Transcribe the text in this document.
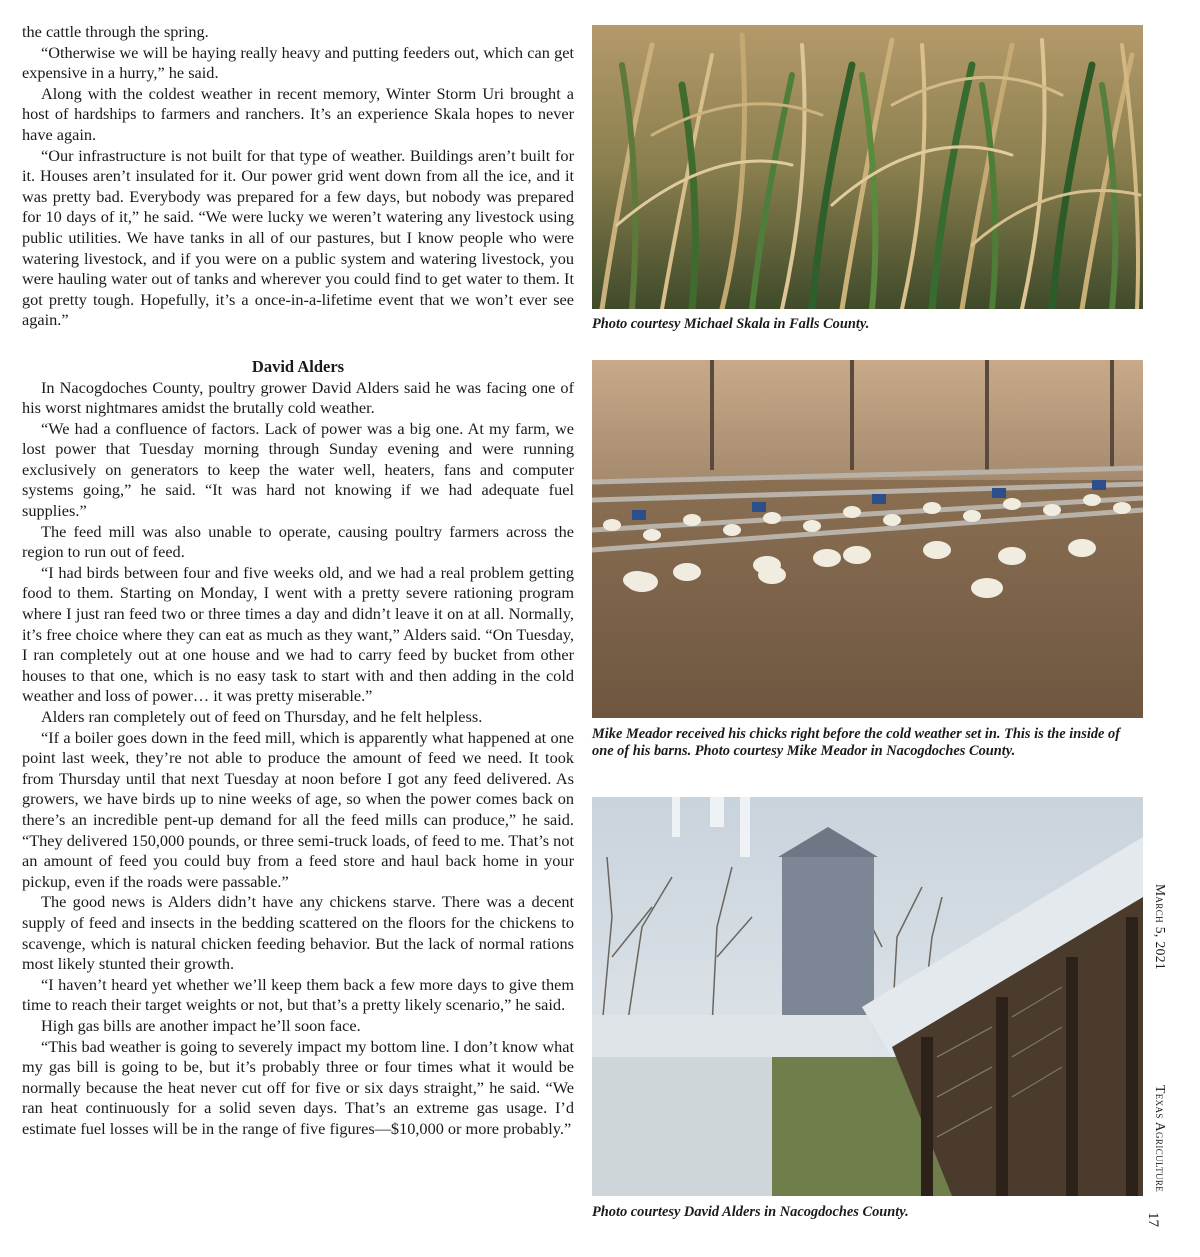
the cattle through the spring.

“Otherwise we will be haying really heavy and putting feeders out, which can get expensive in a hurry,” he said.

Along with the coldest weather in recent memory, Winter Storm Uri brought a host of hardships to farmers and ranchers. It’s an experience Skala hopes to never have again.

“Our infrastructure is not built for that type of weather. Buildings aren’t built for it. Houses aren’t insulated for it. Our power grid went down from all the ice, and it was pretty bad. Everybody was prepared for a few days, but nobody was prepared for 10 days of it,” he said. “We were lucky we weren’t watering any livestock using public utilities. We have tanks in all of our pastures, but I know people who were watering livestock, and if you were on a public system and watering livestock, you were hauling water out of tanks and wherever you could find to get water to them. It got pretty tough. Hopefully, it’s a once-in-a-lifetime event that we won’t ever see again.”

David Alders

In Nacogdoches County, poultry grower David Alders said he was facing one of his worst nightmares amidst the brutally cold weather.

“We had a confluence of factors. Lack of power was a big one. At my farm, we lost power that Tuesday morning through Sunday evening and were running exclusively on generators to keep the water well, heaters, fans and computer systems going,” he said. “It was hard not knowing if we had adequate fuel supplies.”

The feed mill was also unable to operate, causing poultry farmers across the region to run out of feed.

“I had birds between four and five weeks old, and we had a real problem getting food to them. Starting on Monday, I went with a pretty severe rationing program where I just ran feed two or three times a day and didn’t leave it on at all. Normally, it’s free choice where they can eat as much as they want,” Alders said. “On Tuesday, I ran completely out at one house and we had to carry feed by bucket from other houses to that one, which is no easy task to start with and then adding in the cold weather and loss of power… it was pretty miserable.”

Alders ran completely out of feed on Thursday, and he felt helpless.

“If a boiler goes down in the feed mill, which is apparently what happened at one point last week, they’re not able to produce the amount of feed we need. It took from Thursday until that next Tuesday at noon before I got any feed delivered. As growers, we have birds up to nine weeks of age, so when the power comes back on there’s an incredible pent-up demand for all the feed mills can produce,” he said. “They delivered 150,000 pounds, or three semi-truck loads, of feed to me. That’s not an amount of feed you could buy from a feed store and haul back home in your pickup, even if the roads were passable.”

The good news is Alders didn’t have any chickens starve. There was a decent supply of feed and insects in the bedding scattered on the floors for the chickens to scavenge, which is natural chicken feeding behavior. But the lack of normal rations most likely stunted their growth.

“I haven’t heard yet whether we’ll keep them back a few more days to give them time to reach their target weights or not, but that’s a pretty likely scenario,” he said.

High gas bills are another impact he’ll soon face.

“This bad weather is going to severely impact my bottom line. I don’t know what my gas bill is going to be, but it’s probably three or four times what it would be normally because the heat never cut off for five or six days straight,” he said. “We ran heat continuously for a solid seven days. That’s an extreme gas usage. I’d estimate fuel losses will be in the range of five figures—$10,000 or more probably.”

Photo courtesy Michael Skala in Falls County.
Mike Meador received his chicks right before the cold weather set in. This is the inside of one of his barns. Photo courtesy Mike Meador in Nacogdoches County.
Photo courtesy David Alders in Nacogdoches County.
March 5, 2021Texas Agriculture
17
